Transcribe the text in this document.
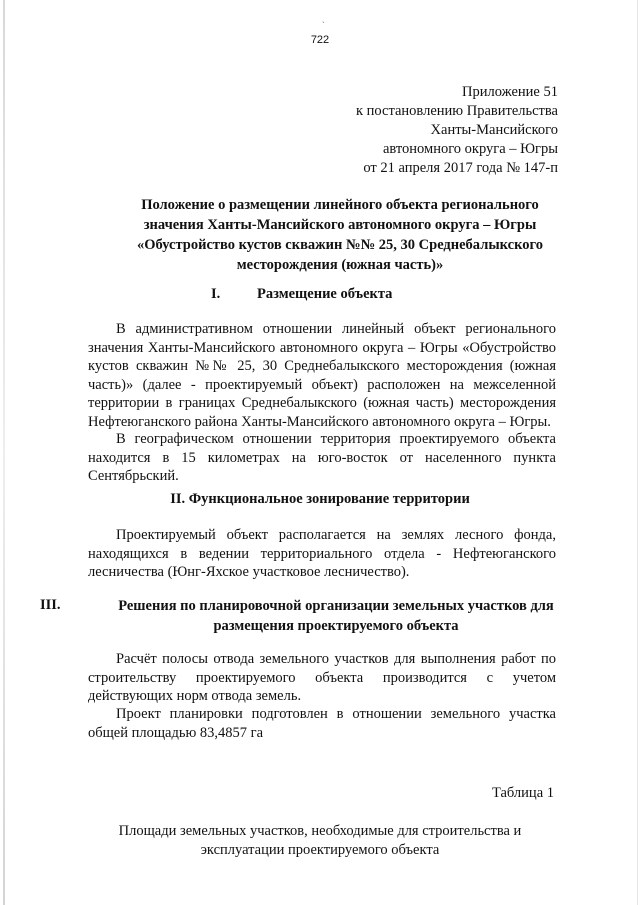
ˎ
722
Приложение 51
к постановлению Правительства
Ханты-Мансийского
автономного округа – Югры
от 21 апреля 2017 года № 147-п
Положение о размещении линейного объекта регионального
значения Ханты-Мансийского автономного округа – Югры
«Обустройство кустов скважин №№ 25, 30 Среднебалыкского
месторождения (южная часть)»
I.	Размещение объекта
В административном отношении линейный объект регионального значения Ханты-Мансийского автономного округа – Югры «Обустройство кустов скважин №№ 25, 30 Среднебалыкского месторождения (южная часть)» (далее - проектируемый объект) расположен на межселенной территории в границах Среднебалыкского (южная часть) месторождения Нефтеюганского района Ханты-Мансийского автономного округа – Югры.
В географическом отношении территория проектируемого объекта находится в 15 километрах на юго-восток от населенного пункта Сентябрьский.
II. Функциональное зонирование территории
Проектируемый объект располагается на землях лесного фонда, находящихся в ведении территориального отдела - Нефтеюганского лесничества (Юнг-Яхское участковое лесничество).
III.	Решения по планировочной организации земельных участков для
размещения проектируемого объекта
Расчёт полосы отвода земельного участков для выполнения работ по строительству проектируемого объекта производится с учетом действующих норм отвода земель.
Проект планировки подготовлен в отношении земельного участка общей площадью 83,4857 га
Таблица 1
Площади земельных участков, необходимые для строительства и
эксплуатации проектируемого объекта
